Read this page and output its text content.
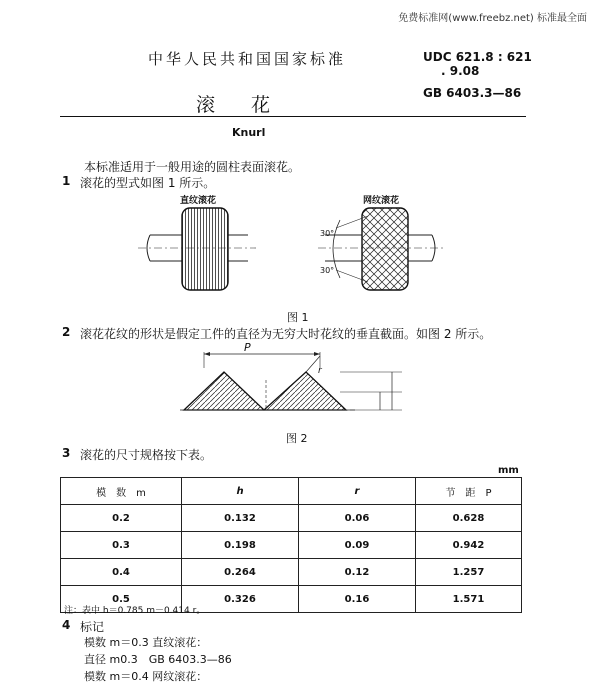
免费标准网(www.freebz.net) 标准最全面
中华人民共和国国家标准	UDC 621.8 : 621
. 9.08
GB 6403.3—86
滚花
Knurl
本标准适用于一般用途的圆柱表面滚花。
1 滚花的型式如图 1 所示。
直纹滚花	网纹滚花
30°
30°
图 1
2 滚花花纹的形状是假定工件的直径为无穷大时花纹的垂直截面。如图 2 所示。
P
r
图 2
3 滚花的尺寸规格按下表。
mm
模　数　m	h	r	节　距　P
0.2	0.132	0.06	0.628
0.3	0.198	0.09	0.942
0.4	0.264	0.12	1.257
0.5	0.326	0.16	1.571
注：表中 h＝0.785 m－0.414 r。
4 标记
模数 m＝0.3 直纹滚花：
直径 m0.3　GB 6403.3—86
模数 m＝0.4 网纹滚花：
